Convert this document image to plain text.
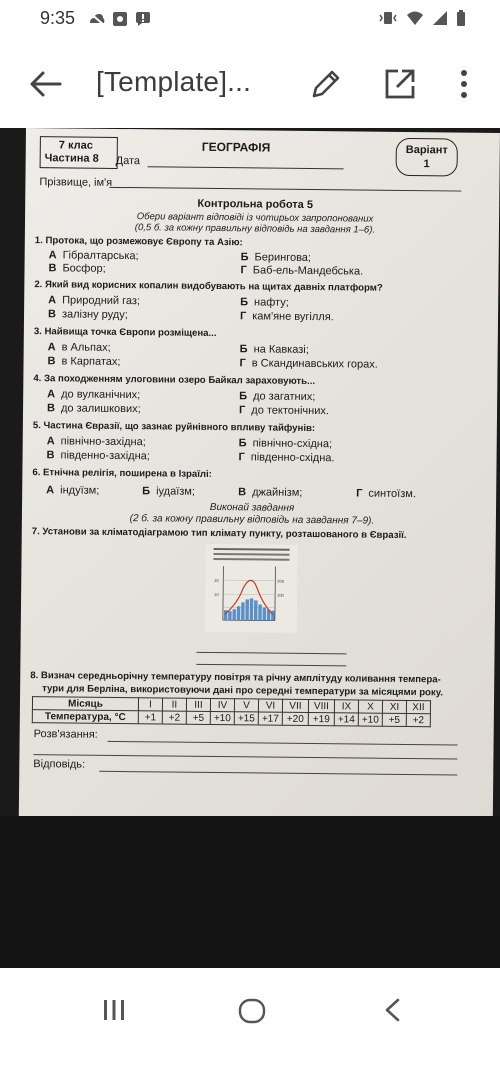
9:35
[Template]...
7 клас
Частина 8
ГЕОГРАФІЯ
Дата
Варіант
1
Прізвище, ім'я
Контрольна робота 5
Обери варіант відповіді із чотирьох запропонованих
(0,5 б. за кожну правильну відповідь на завдання 1–6).
1. Протока, що розмежовує Європу та Азію:
А Гібралтарська;	Б Берингова;
В Босфор;	Г Баб-ель-Мандебська.
2. Який вид корисних копалин видобувають на щитах давніх платформ?
А Природний газ;	Б нафту;
В залізну руду;	Г кам'яне вугілля.
3. Найвища точка Європи розміщена...
А в Альпах;	Б на Кавказі;
В в Карпатах;	Г в Скандинавських горах.
4. За походженням улоговини озеро Байкал зараховують...
А до вулканічних;	Б до загатних;
В до залишкових;	Г до тектонічних.
5. Частина Євразії, що зазнає руйнівного впливу тайфунів:
А північно-західна;	Б північно-східна;
В південно-західна;	Г південно-східна.
6. Етнічна релігія, поширена в Ізраїлі:
А індуїзм;	Б іудаїзм;	В джайнізм;	Г синтоїзм.
Виконай завдання
(2 б. за кожну правильну відповідь на завдання 7–9).
7. Установи за кліматодіаграмою тип клімату пункту, розташованого в Євразії.
20
10
200
100
8. Визнач середньорічну температуру повітря та річну амплітуду коливання темпера-
тури для Берліна, використовуючи дані про середні температури за місяцями року.
Місяць	I	II	III	IV	V	VI	VII	VIII	IX	X	XI	XII
Температура, °С	+1	+2	+5	+10	+15	+17	+20	+19	+14	+10	+5	+2
Розв'язання:
Відповідь:
